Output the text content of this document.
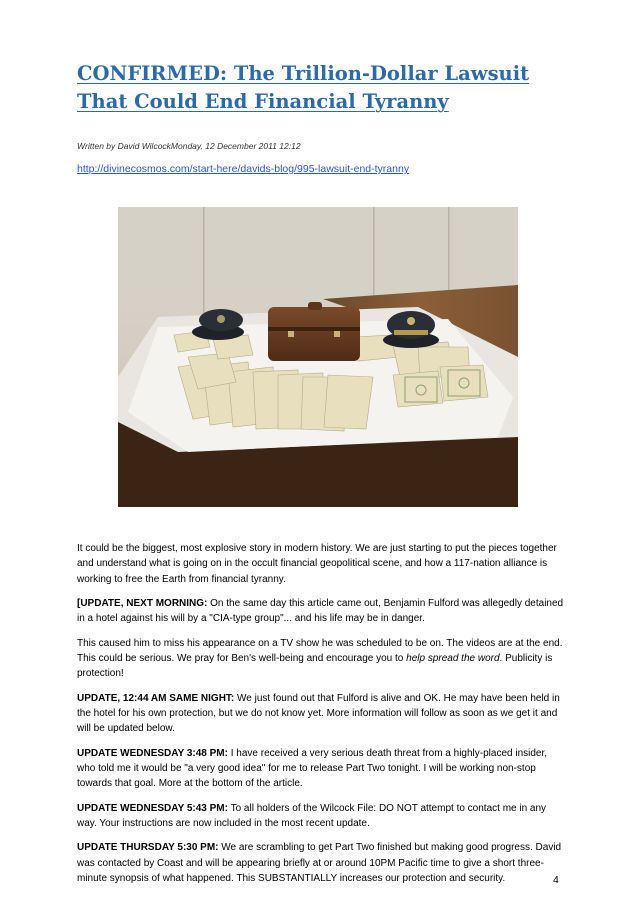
CONFIRMED: The Trillion-Dollar Lawsuit That Could End Financial Tyranny
Written by David WilcockMonday, 12 December 2011 12:12
http://divinecosmos.com/start-here/davids-blog/995-lawsuit-end-tyranny

It could be the biggest, most explosive story in modern history. We are just starting to put the pieces together and understand what is going on in the occult financial geopolitical scene, and how a 117-nation alliance is working to free the Earth from financial tyranny.

[UPDATE, NEXT MORNING: On the same day this article came out, Benjamin Fulford was allegedly detained in a hotel against his will by a "CIA-type group"... and his life may be in danger.

This caused him to miss his appearance on a TV show he was scheduled to be on. The videos are at the end. This could be serious. We pray for Ben's well-being and encourage you to help spread the word. Publicity is protection!

UPDATE, 12:44 AM SAME NIGHT: We just found out that Fulford is alive and OK. He may have been held in the hotel for his own protection, but we do not know yet. More information will follow as soon as we get it and will be updated below.

UPDATE WEDNESDAY 3:48 PM: I have received a very serious death threat from a highly-placed insider, who told me it would be "a very good idea" for me to release Part Two tonight. I will be working non-stop towards that goal. More at the bottom of the article.

UPDATE WEDNESDAY 5:43 PM: To all holders of the Wilcock File: DO NOT attempt to contact me in any way. Your instructions are now included in the most recent update.

UPDATE THURSDAY 5:30 PM: We are scrambling to get Part Two finished but making good progress. David was contacted by Coast and will be appearing briefly at or around 10PM Pacific time to give a short three-minute synopsis of what happened. This SUBSTANTIALLY increases our protection and security.	4
